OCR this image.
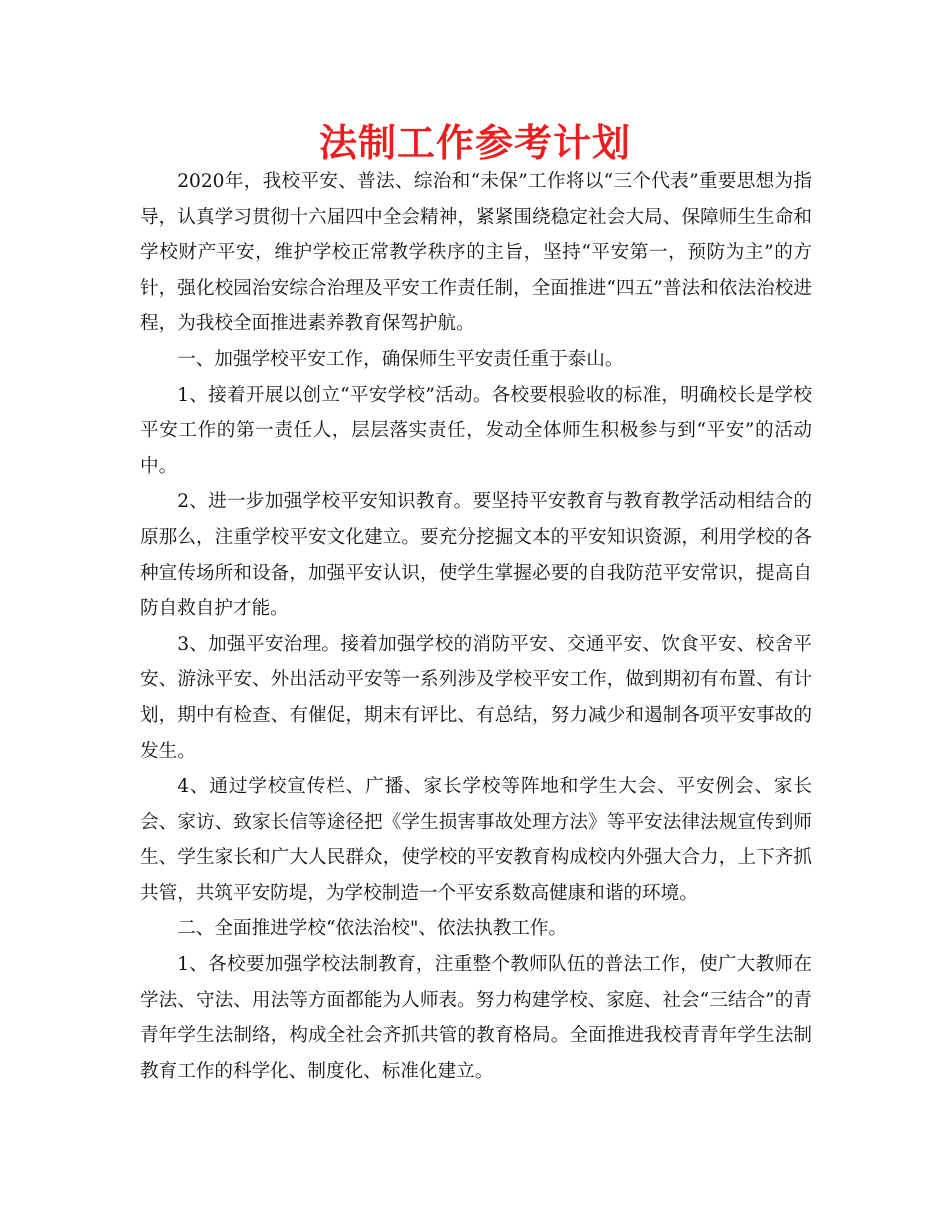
法制工作参考计划

2020年，我校平安、普法、综治和“未保”工作将以“三个代表”重要思想为指导，认真学习贯彻十六届四中全会精神，紧紧围绕稳定社会大局、保障师生生命和学校财产平安，维护学校正常教学秩序的主旨，坚持“平安第一，预防为主”的方针，强化校园治安综合治理及平安工作责任制，全面推进“四五”普法和依法治校进程，为我校全面推进素养教育保驾护航。

一、加强学校平安工作，确保师生平安责任重于泰山。

1、接着开展以创立“平安学校”活动。各校要根验收的标准，明确校长是学校平安工作的第一责任人，层层落实责任，发动全体师生积极参与到“平安”的活动中。

2、进一步加强学校平安知识教育。要坚持平安教育与教育教学活动相结合的原那么，注重学校平安文化建立。要充分挖掘文本的平安知识资源，利用学校的各种宣传场所和设备，加强平安认识，使学生掌握必要的自我防范平安常识，提高自防自救自护才能。

3、加强平安治理。接着加强学校的消防平安、交通平安、饮食平安、校舍平安、游泳平安、外出活动平安等一系列涉及学校平安工作，做到期初有布置、有计划，期中有检查、有催促，期末有评比、有总结，努力减少和遏制各项平安事故的发生。

4、通过学校宣传栏、广播、家长学校等阵地和学生大会、平安例会、家长会、家访、致家长信等途径把《学生损害事故处理方法》等平安法律法规宣传到师生、学生家长和广大人民群众，使学校的平安教育构成校内外强大合力，上下齐抓共管，共筑平安防堤，为学校制造一个平安系数高健康和谐的环境。

二、全面推进学校“依法治校"、依法执教工作。

1、各校要加强学校法制教育，注重整个教师队伍的普法工作，使广大教师在学法、守法、用法等方面都能为人师表。努力构建学校、家庭、社会“三结合”的青青年学生法制络，构成全社会齐抓共管的教育格局。全面推进我校青青年学生法制教育工作的科学化、制度化、标准化建立。
